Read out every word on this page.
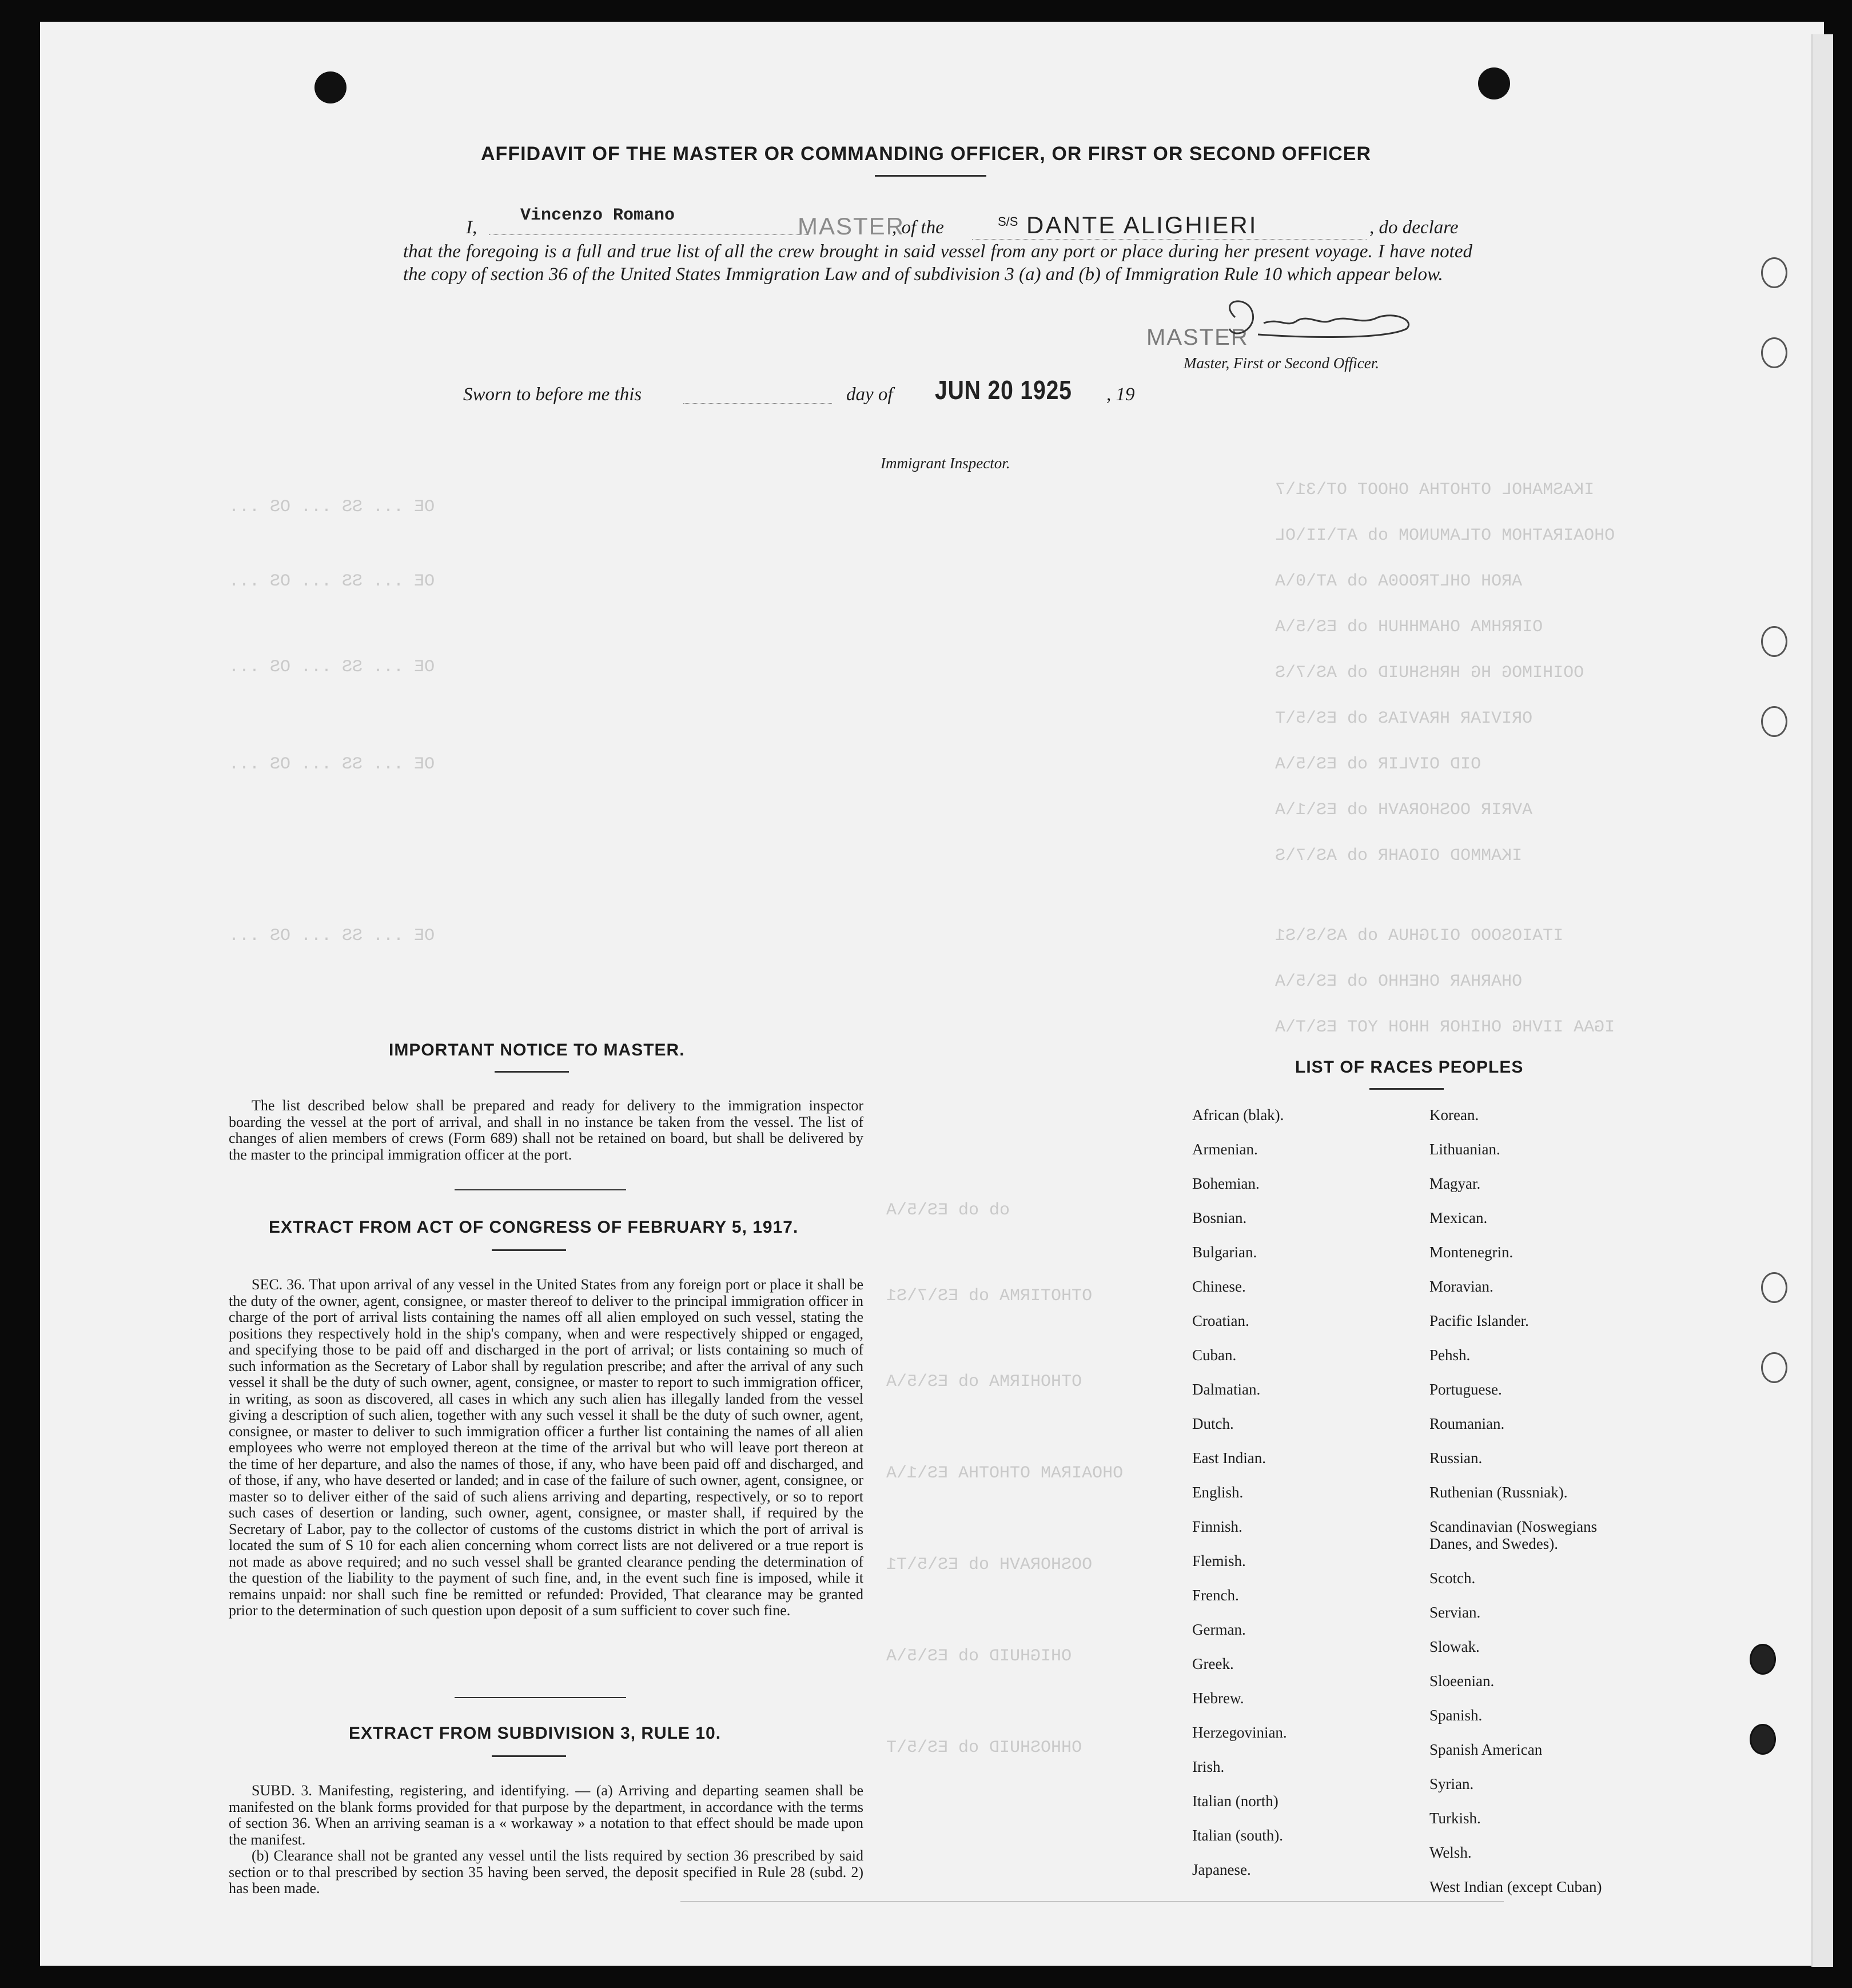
IKASMAHOL OTHOTHA OHOOT OT\31\7
OHOAIRATHOM OTLAMUNOM ob AT\II\OL
AROH OHLTROO0A ob AT\0\A
OIRRHMA OHAMHHUH ob ES\5\A
OOIHIMOG HG HRHSHUID ob AS\7\S
ORIVIAR HRAVIAS ob ES\5\T
OID OIVLIR ob ES\5\A
AVRIR OOSHORAVH ob ES\1\A
IKAMMOD OIOAHR ob AS\7\S
ITAIOSOOO OIJGHUA ob AS\S\S1
OHARHAR OHEHHO ob ES\5\A
IGAA IIVHG OHIHOR HHOH YOT ES\T\A
OE ... SS ... OS ...
OE ... SS ... OS ...
OE ... SS ... OS ...
OE ... SS ... OS ...
OE ... SS ... OS ...
ob ob ES\5\A
OTHOTIRMA ob ES\7\S1
OTHOHIRMA ob ES\5\A
OHOAIRAM OTHOTHA ES\1\A
OOSHORAVH ob ES\5\T1
OHIGHUID ob ES\5\A
OHHOSHUID ob ES\5\T
AFFIDAVIT OF THE MASTER OR COMMANDING OFFICER, OR FIRST OR SECOND OFFICER
I,
Vincenzo Romano	MASTER
, of the	S/S DANTE ALIGHIERI	, do declare
that the foregoing is a full and true list of all the crew brought in said vessel from any port or place during her present voyage. I have noted the copy of section 36 of the United States Immigration Law and of subdivision 3 (a) and (b) of Immigration Rule 10 which appear below.
MASTER
Master, First or Second Officer.
Sworn to before me this	day of JUN 20 1925 , 19
Immigrant Inspector.
IMPORTANT NOTICE TO MASTER.
The list described below shall be prepared and ready for delivery to the immigration inspector boarding the vessel at the port of arrival, and shall in no instance be taken from the vessel. The list of changes of alien members of crews (Form 689) shall not be retained on board, but shall be delivered by the master to the principal immigration officer at the port.
EXTRACT FROM ACT OF CONGRESS OF FEBRUARY 5, 1917.
SEC. 36. That upon arrival of any vessel in the United States from any foreign port or place it shall be the duty of the owner, agent, consignee, or master thereof to deliver to the principal immigration officer in charge of the port of arrival lists containing the names off all alien employed on such vessel, stating the positions they respectively hold in the ship's company, when and were respectively shipped or engaged, and specifying those to be paid off and discharged in the port of arrival; or lists containing so much of such information as the Secretary of Labor shall by regulation prescribe; and after the arrival of any such vessel it shall be the duty of such owner, agent, consignee, or master to report to such immigration officer, in writing, as soon as discovered, all cases in which any such alien has illegally landed from the vessel giving a description of such alien, together with any such vessel it shall be the duty of such owner, agent, consignee, or master to deliver to such immigration officer a further list containing the names of all alien employees who werre not employed thereon at the time of the arrival but who will leave port thereon at the time of her departure, and also the names of those, if any, who have been paid off and discharged, and of those, if any, who have deserted or landed; and in case of the failure of such owner, agent, consignee, or master so to deliver either of the said of such aliens arriving and departing, respectively, or so to report such cases of desertion or landing, such owner, agent, consignee, or master shall, if required by the Secretary of Labor, pay to the collector of customs of the customs district in which the port of arrival is located the sum of S 10 for each alien concerning whom correct lists are not delivered or a true report is not made as above required; and no such vessel shall be granted clearance pending the determination of the question of the liability to the payment of such fine, and, in the event such fine is imposed, while it remains unpaid: nor shall such fine be remitted or refunded: Provided, That clearance may be granted prior to the determination of such question upon deposit of a sum sufficient to cover such fine.
EXTRACT FROM SUBDIVISION 3, RULE 10.
SUBD. 3. Manifesting, registering, and identifying. — (a) Arriving and departing seamen shall be manifested on the blank forms provided for that purpose by the department, in accordance with the terms of section 36. When an arriving seaman is a « workaway » a notation to that effect should be made upon the manifest.
(b) Clearance shall not be granted any vessel until the lists required by section 36 prescribed by said section or to thal prescribed by section 35 having been served, the deposit specified in Rule 28 (subd. 2) has been made.
LIST OF RACES PEOPLES
African (blak).
Armenian.
Bohemian.
Bosnian.
Bulgarian.
Chinese.
Croatian.
Cuban.
Dalmatian.
Dutch.
East Indian.
English.
Finnish.
Flemish.
French.
German.
Greek.
Hebrew.
Herzegovinian.
Irish.
Italian (north)
Italian (south).
Japanese.
Korean.
Lithuanian.
Magyar.
Mexican.
Montenegrin.
Moravian.
Pacific Islander.
Pehsh.
Portuguese.
Roumanian.
Russian.
Ruthenian (Russniak).
Scandinavian (Noswegians Danes, and Swedes).
Scotch.
Servian.
Slowak.
Sloeenian.
Spanish.
Spanish American
Syrian.
Turkish.
Welsh.
West Indian (except Cuban)
